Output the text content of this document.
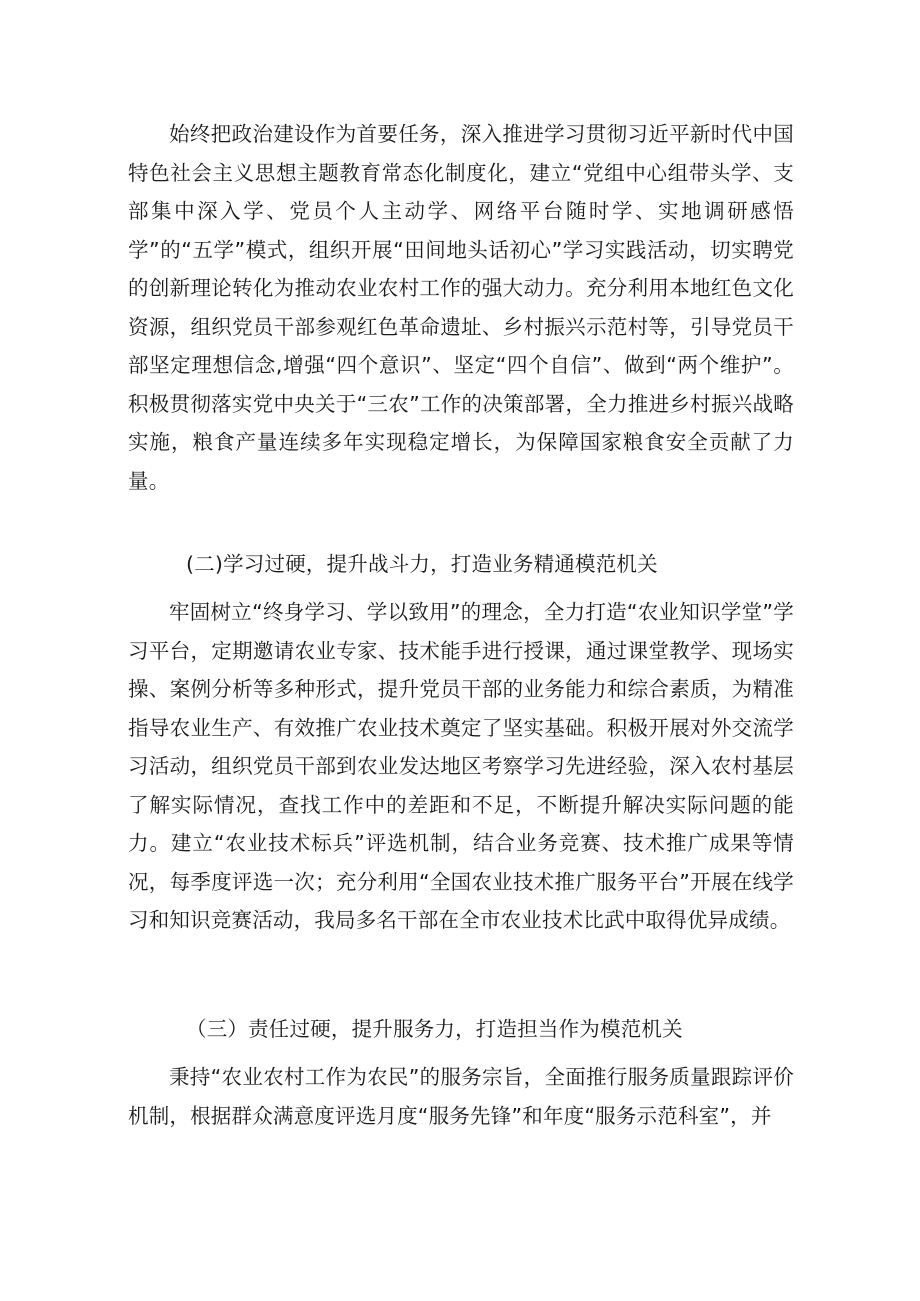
始终把政治建设作为首要任务，深入推进学习贯彻习近平新时代中国特色社会主义思想主题教育常态化制度化，建立“党组中心组带头学、支部集中深入学、党员个人主动学、网络平台随时学、实地调研感悟学”的“五学”模式，组织开展“田间地头话初心”学习实践活动，切实聘党的创新理论转化为推动农业农村工作的强大动力。充分利用本地红色文化资源，组织党员干部参观红色革命遗址、乡村振兴示范村等，引导党员干部坚定理想信念,增强“四个意识”、坚定“四个自信”、做到“两个维护”。积极贯彻落实党中央关于“三农”工作的决策部署，全力推进乡村振兴战略实施，粮食产量连续多年实现稳定增长，为保障国家粮食安全贡献了力量。

(二)学习过硬，提升战斗力，打造业务精通模范机关

牢固树立“终身学习、学以致用”的理念，全力打造“农业知识学堂”学习平台，定期邀请农业专家、技术能手进行授课，通过课堂教学、现场实操、案例分析等多种形式，提升党员干部的业务能力和综合素质，为精准指导农业生产、有效推广农业技术奠定了坚实基础。积极开展对外交流学习活动，组织党员干部到农业发达地区考察学习先进经验，深入农村基层了解实际情况，查找工作中的差距和不足，不断提升解决实际问题的能力。建立“农业技术标兵”评选机制，结合业务竞赛、技术推广成果等情况，每季度评选一次；充分利用“全国农业技术推广服务平台”开展在线学习和知识竞赛活动，我局多名干部在全市农业技术比武中取得优异成绩。

（三）责任过硬，提升服务力，打造担当作为模范机关

秉持“农业农村工作为农民”的服务宗旨，全面推行服务质量跟踪评价机制，根据群众满意度评选月度“服务先锋”和年度“服务示范科室”，并
